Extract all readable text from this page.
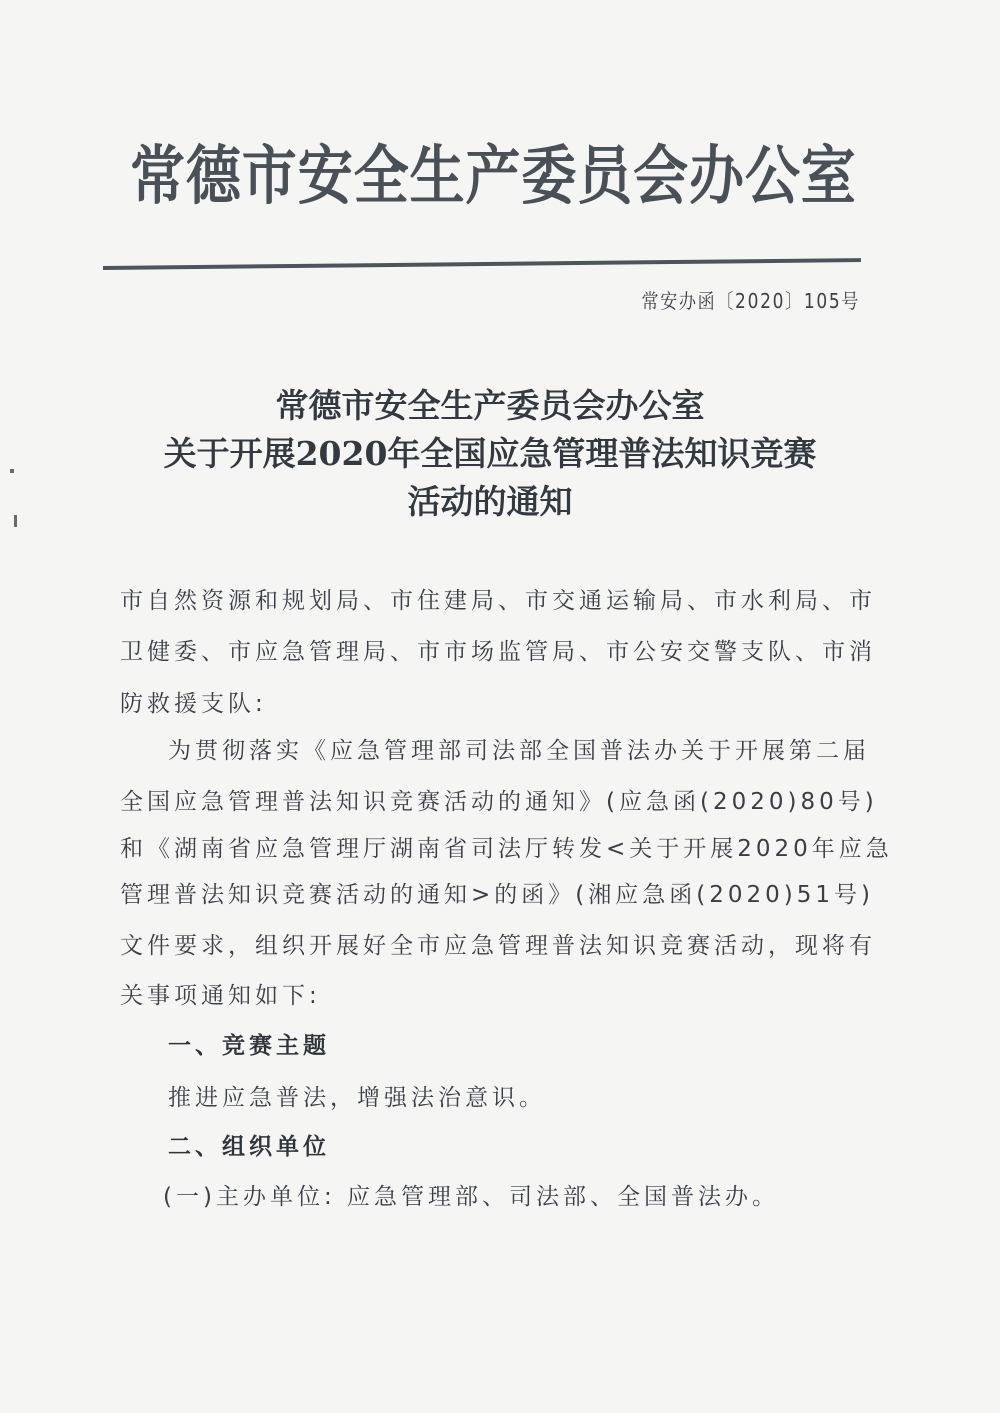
常德市安全生产委员会办公室
常安办函〔2020〕105号
常德市安全生产委员会办公室
关于开展2020年全国应急管理普法知识竞赛
活动的通知
市自然资源和规划局、市住建局、市交通运输局、市水利局、市
卫健委、市应急管理局、市市场监管局、市公安交警支队、市消
防救援支队:
为贯彻落实《应急管理部司法部全国普法办关于开展第二届
全国应急管理普法知识竞赛活动的通知》(应急函(2020)80号)
和《湖南省应急管理厅湖南省司法厅转发<关于开展2020年应急
管理普法知识竞赛活动的通知>的函》(湘应急函(2020)51号)
文件要求，组织开展好全市应急管理普法知识竞赛活动，现将有
关事项通知如下:
一、竞赛主题
推进应急普法，增强法治意识。
二、组织单位
(一)主办单位: 应急管理部、司法部、全国普法办。
